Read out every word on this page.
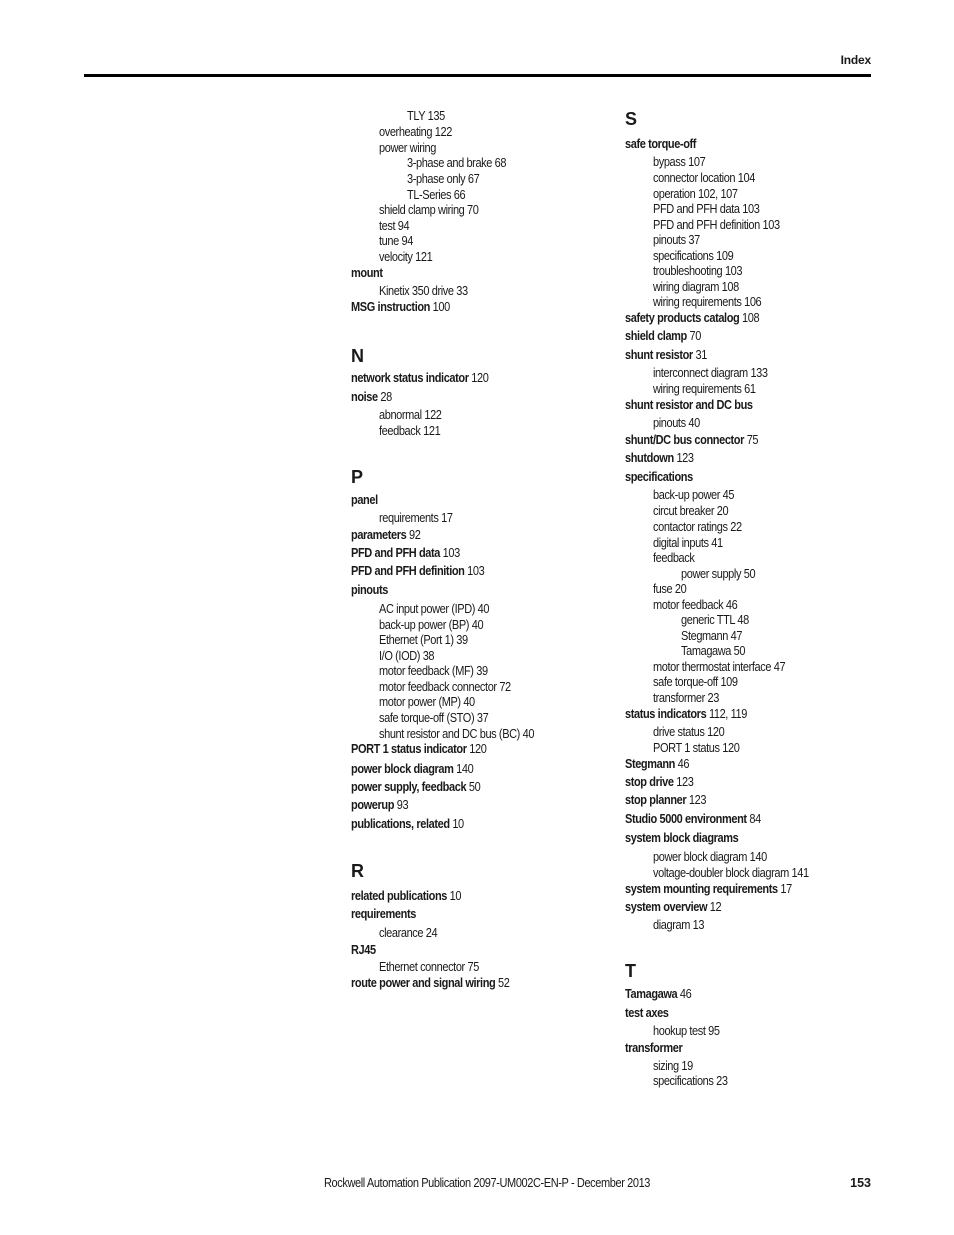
Index
TLY 135
overheating 122
power wiring
3-phase and brake 68
3-phase only 67
TL-Series 66
shield clamp wiring 70
test 94
tune 94
velocity 121
mount
Kinetix 350 drive 33
MSG instruction 100
N
network status indicator 120
noise 28
abnormal 122
feedback 121
P
panel
requirements 17
parameters 92
PFD and PFH data 103
PFD and PFH definition 103
pinouts
AC input power (IPD) 40
back-up power (BP) 40
Ethernet (Port 1) 39
I/O (IOD) 38
motor feedback (MF) 39
motor feedback connector 72
motor power (MP) 40
safe torque-off (STO) 37
shunt resistor and DC bus (BC) 40
PORT 1 status indicator 120
power block diagram 140
power supply, feedback 50
powerup 93
publications, related 10
R
related publications 10
requirements
clearance 24
RJ45
Ethernet connector 75
route power and signal wiring 52
S
safe torque-off
bypass 107
connector location 104
operation 102, 107
PFD and PFH data 103
PFD and PFH definition 103
pinouts 37
specifications 109
troubleshooting 103
wiring diagram 108
wiring requirements 106
safety products catalog 108
shield clamp 70
shunt resistor 31
interconnect diagram 133
wiring requirements 61
shunt resistor and DC bus
pinouts 40
shunt/DC bus connector 75
shutdown 123
specifications
back-up power 45
circut breaker 20
contactor ratings 22
digital inputs 41
feedback
power supply 50
fuse 20
motor feedback 46
generic TTL 48
Stegmann 47
Tamagawa 50
motor thermostat interface 47
safe torque-off 109
transformer 23
status indicators 112, 119
drive status 120
PORT 1 status 120
Stegmann 46
stop drive 123
stop planner 123
Studio 5000 environment 84
system block diagrams
power block diagram 140
voltage-doubler block diagram 141
system mounting requirements 17
system overview 12
diagram 13
T
Tamagawa 46
test axes
hookup test 95
transformer
sizing 19
specifications 23
Rockwell Automation Publication 2097-UM002C-EN-P - December 2013	153
